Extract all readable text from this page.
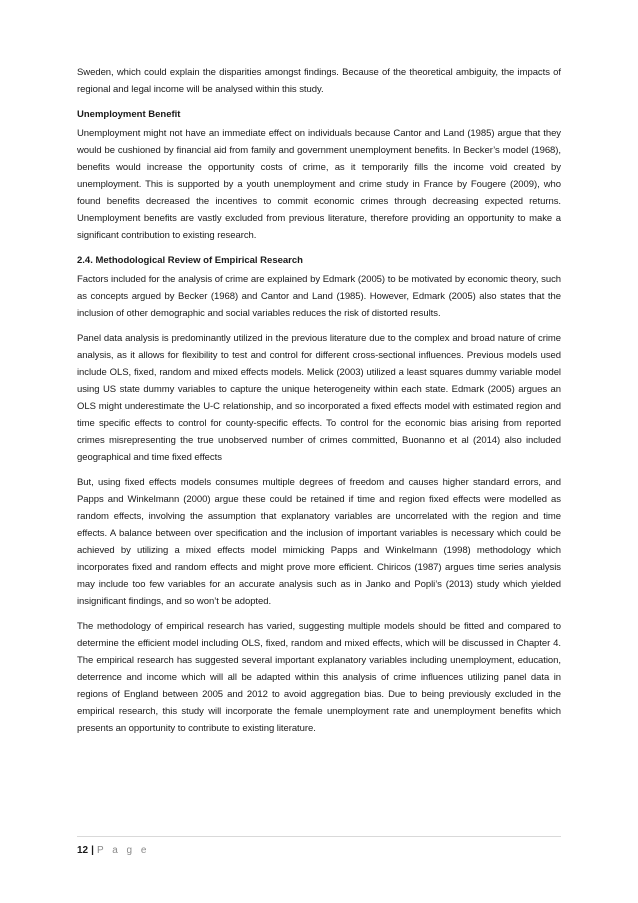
Sweden, which could explain the disparities amongst findings. Because of the theoretical ambiguity, the impacts of regional and legal income will be analysed within this study.

Unemployment Benefit

Unemployment might not have an immediate effect on individuals because Cantor and Land (1985) argue that they would be cushioned by financial aid from family and government unemployment benefits. In Becker’s model (1968), benefits would increase the opportunity costs of crime, as it temporarily fills the income void created by unemployment. This is supported by a youth unemployment and crime study in France by Fougere (2009), who found benefits decreased the incentives to commit economic crimes through decreasing expected returns. Unemployment benefits are vastly excluded from previous literature, therefore providing an opportunity to make a significant contribution to existing research.

2.4. Methodological Review of Empirical Research

Factors included for the analysis of crime are explained by Edmark (2005) to be motivated by economic theory, such as concepts argued by Becker (1968) and Cantor and Land (1985). However, Edmark (2005) also states that the inclusion of other demographic and social variables reduces the risk of distorted results.

Panel data analysis is predominantly utilized in the previous literature due to the complex and broad nature of crime analysis, as it allows for flexibility to test and control for different cross-sectional influences. Previous models used include OLS, fixed, random and mixed effects models. Melick (2003) utilized a least squares dummy variable model using US state dummy variables to capture the unique heterogeneity within each state. Edmark (2005) argues an OLS might underestimate the U-C relationship, and so incorporated a fixed effects model with estimated region and time specific effects to control for county-specific effects. To control for the economic bias arising from reported crimes misrepresenting the true unobserved number of crimes committed, Buonanno et al (2014) also included geographical and time fixed effects

But, using fixed effects models consumes multiple degrees of freedom and causes higher standard errors, and Papps and Winkelmann (2000) argue these could be retained if time and region fixed effects were modelled as random effects, involving the assumption that explanatory variables are uncorrelated with the region and time effects. A balance between over specification and the inclusion of important variables is necessary which could be achieved by utilizing a mixed effects model mimicking Papps and Winkelmann (1998) methodology which incorporates fixed and random effects and might prove more efficient. Chiricos (1987) argues time series analysis may include too few variables for an accurate analysis such as in Janko and Popli’s (2013) study which yielded insignificant findings, and so won’t be adopted.

The methodology of empirical research has varied, suggesting multiple models should be fitted and compared to determine the efficient model including OLS, fixed, random and mixed effects, which will be discussed in Chapter 4. The empirical research has suggested several important explanatory variables including unemployment, education, deterrence and income which will all be adapted within this analysis of crime influences utilizing panel data in regions of England between 2005 and 2012 to avoid aggregation bias. Due to being previously excluded in the empirical research, this study will incorporate the female unemployment rate and unemployment benefits which presents an opportunity to contribute to existing literature.

12 | P a g e
